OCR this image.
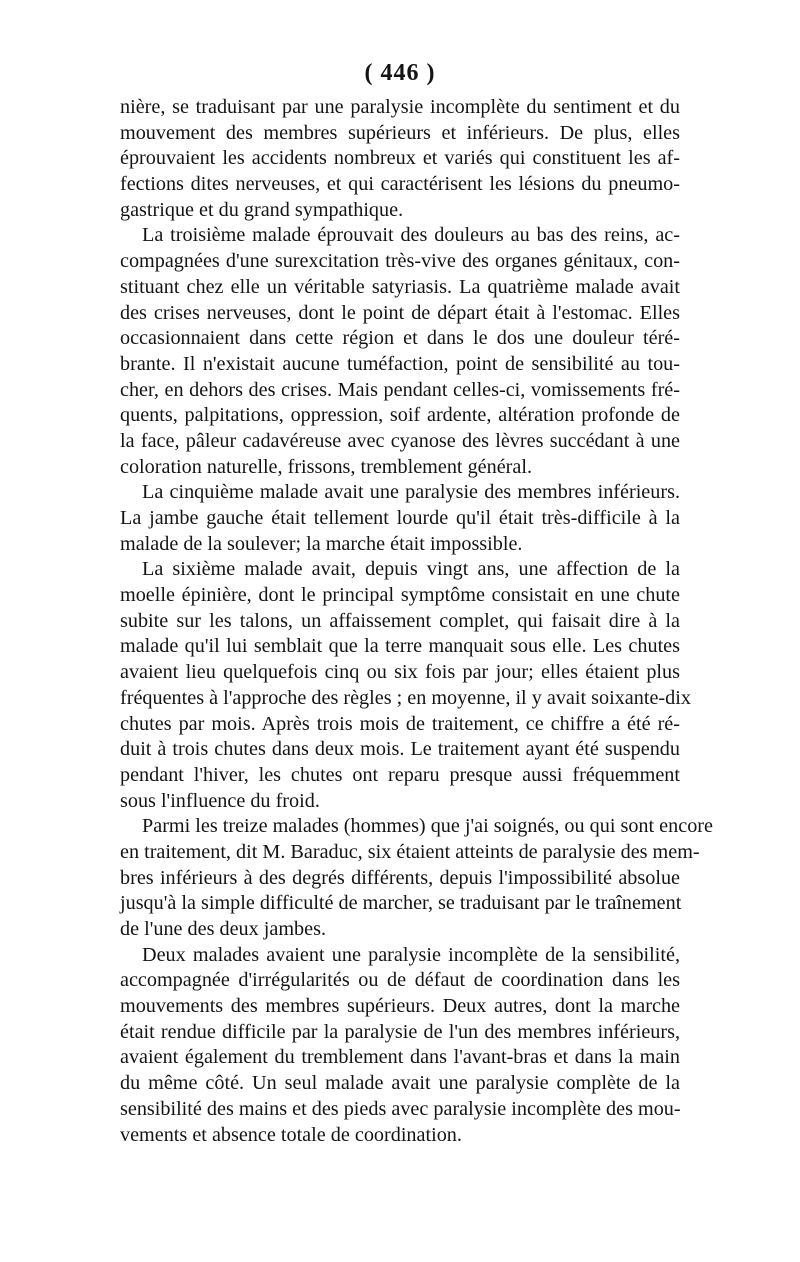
( 446 )
nière, se traduisant par une paralysie incomplète du sentiment et du
mouvement des membres supérieurs et inférieurs. De plus, elles
éprouvaient les accidents nombreux et variés qui constituent les af-
fections dites nerveuses, et qui caractérisent les lésions du pneumo-
gastrique et du grand sympathique.
La troisième malade éprouvait des douleurs au bas des reins, ac-
compagnées d'une surexcitation très-vive des organes génitaux, con-
stituant chez elle un véritable satyriasis. La quatrième malade avait
des crises nerveuses, dont le point de départ était à l'estomac. Elles
occasionnaient dans cette région et dans le dos une douleur téré-
brante. Il n'existait aucune tuméfaction, point de sensibilité au tou-
cher, en dehors des crises. Mais pendant celles-ci, vomissements fré-
quents, palpitations, oppression, soif ardente, altération profonde de
la face, pâleur cadavéreuse avec cyanose des lèvres succédant à une
coloration naturelle, frissons, tremblement général.
La cinquième malade avait une paralysie des membres inférieurs.
La jambe gauche était tellement lourde qu'il était très-difficile à la
malade de la soulever; la marche était impossible.
La sixième malade avait, depuis vingt ans, une affection de la
moelle épinière, dont le principal symptôme consistait en une chute
subite sur les talons, un affaissement complet, qui faisait dire à la
malade qu'il lui semblait que la terre manquait sous elle. Les chutes
avaient lieu quelquefois cinq ou six fois par jour; elles étaient plus
fréquentes à l'approche des règles ; en moyenne, il y avait soixante-dix
chutes par mois. Après trois mois de traitement, ce chiffre a été ré-
duit à trois chutes dans deux mois. Le traitement ayant été suspendu
pendant l'hiver, les chutes ont reparu presque aussi fréquemment
sous l'influence du froid.
Parmi les treize malades (hommes) que j'ai soignés, ou qui sont encore
en traitement, dit M. Baraduc, six étaient atteints de paralysie des mem-
bres inférieurs à des degrés différents, depuis l'impossibilité absolue
jusqu'à la simple difficulté de marcher, se traduisant par le traînement
de l'une des deux jambes.
Deux malades avaient une paralysie incomplète de la sensibilité,
accompagnée d'irrégularités ou de défaut de coordination dans les
mouvements des membres supérieurs. Deux autres, dont la marche
était rendue difficile par la paralysie de l'un des membres inférieurs,
avaient également du tremblement dans l'avant-bras et dans la main
du même côté. Un seul malade avait une paralysie complète de la
sensibilité des mains et des pieds avec paralysie incomplète des mou-
vements et absence totale de coordination.
